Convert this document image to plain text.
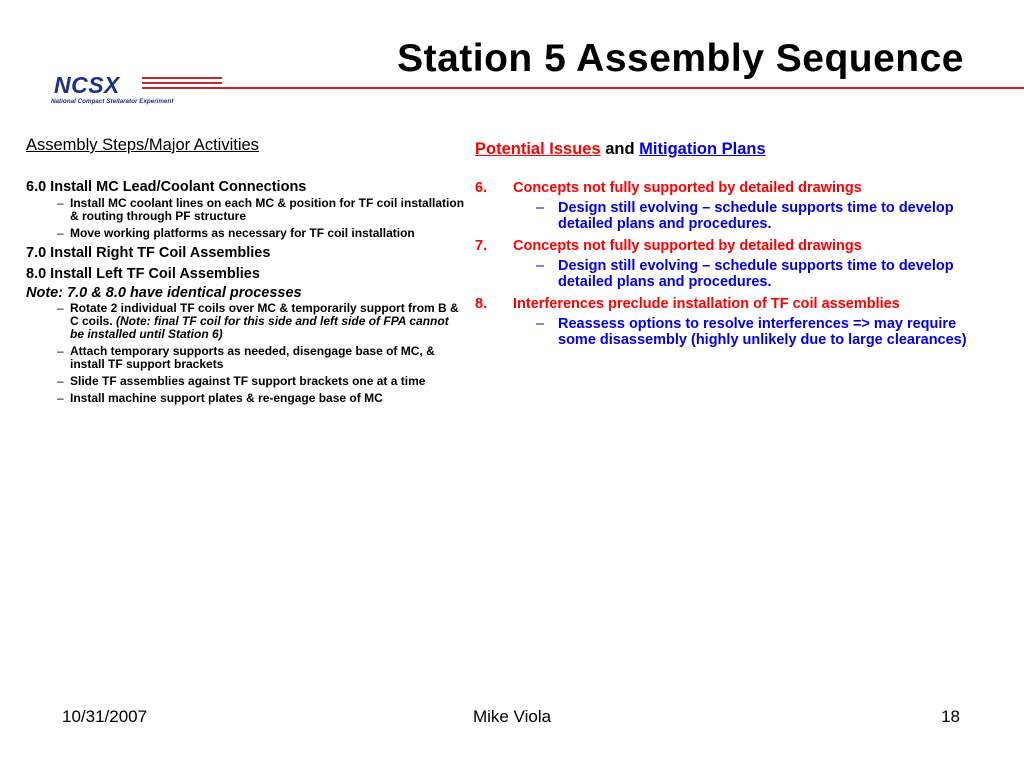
Station 5 Assembly Sequence
NCSX
National Compact Stellarator Experiment
Assembly Steps/Major Activities
6.0 Install MC Lead/Coolant Connections
– Install MC coolant lines on each MC & position for TF coil installation & routing through PF structure
– Move working platforms as necessary for TF coil installation
7.0 Install Right TF Coil Assemblies
8.0 Install Left TF Coil Assemblies
Note: 7.0 & 8.0 have identical processes
– Rotate 2 individual TF coils over MC & temporarily support from B & C coils. (Note: final TF coil for this side and left side of FPA cannot be installed until Station 6)
– Attach temporary supports as needed, disengage base of MC, & install TF support brackets
– Slide TF assemblies against TF support brackets one at a time
– Install machine support plates & re-engage base of MC
Potential Issues and Mitigation Plans
6. Concepts not fully supported by detailed drawings
– Design still evolving – schedule supports time to develop detailed plans and procedures.
7. Concepts not fully supported by detailed drawings
– Design still evolving – schedule supports time to develop detailed plans and procedures.
8. Interferences preclude installation of TF coil assemblies
– Reassess options to resolve interferences => may require some disassembly (highly unlikely due to large clearances)
10/31/2007	Mike Viola	18
